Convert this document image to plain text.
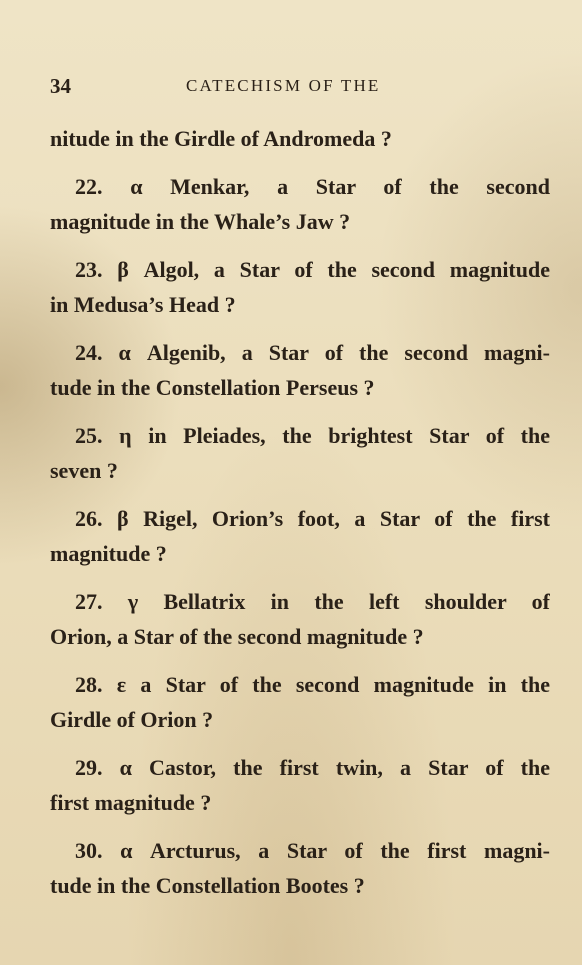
34	CATECHISM OF THE
nitude in the Girdle of Andromeda ?
22. α Menkar, a Star of the second
magnitude in the Whale’s Jaw ?
23. β Algol, a Star of the second magnitude
in Medusa’s Head ?
24. α Algenib, a Star of the second magni-
tude in the Constellation Perseus ?
25. η in Pleiades, the brightest Star of the
seven ?
26. β Rigel, Orion’s foot, a Star of the first
magnitude ?
27. γ Bellatrix in the left shoulder of
Orion, a Star of the second magnitude ?
28. ε a Star of the second magnitude in the
Girdle of Orion ?
29. α Castor, the first twin, a Star of the
first magnitude ?
30. α Arcturus, a Star of the first magni-
tude in the Constellation Bootes ?
